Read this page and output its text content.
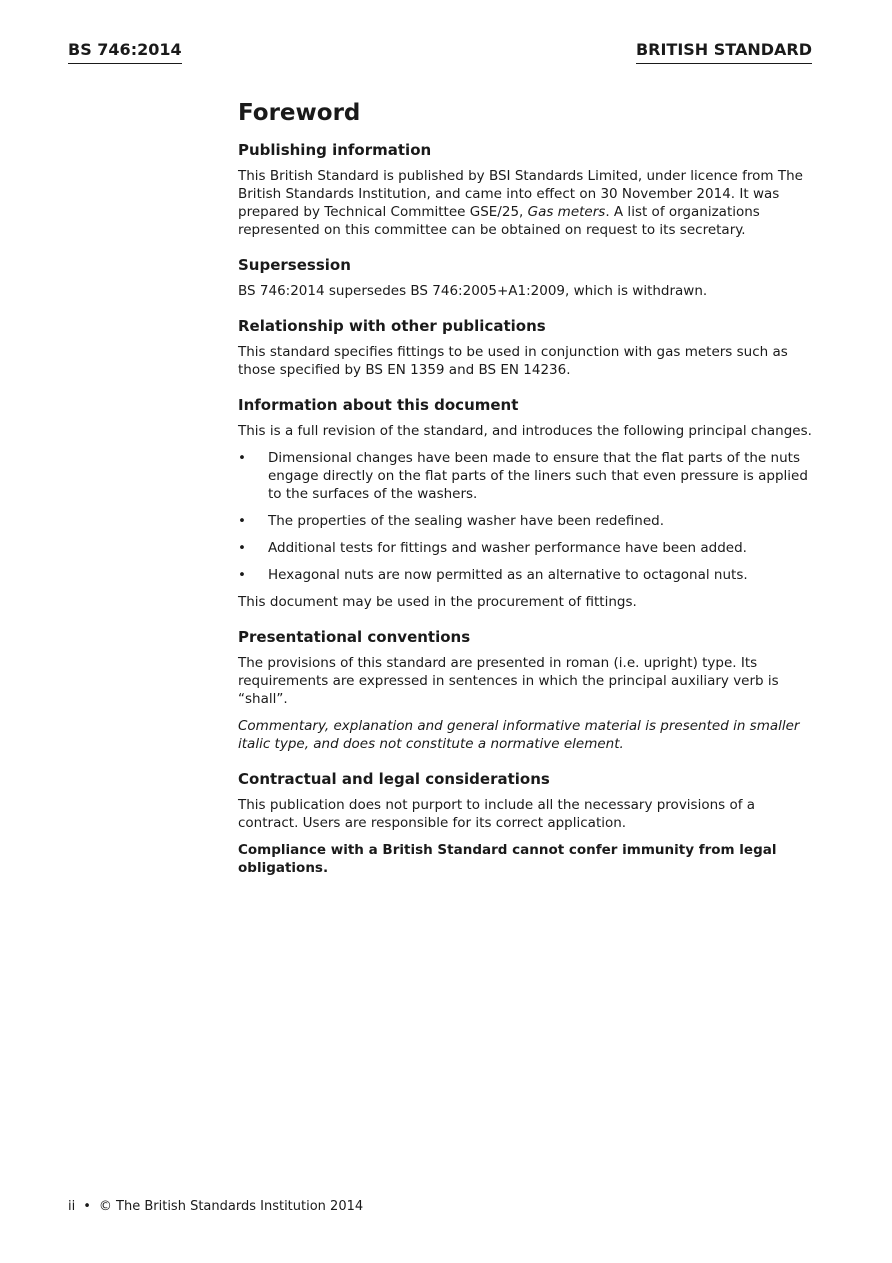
BS 746:2014	BRITISH STANDARD
Foreword
Publishing information

This British Standard is published by BSI Standards Limited, under licence from The British Standards Institution, and came into effect on 30 November 2014. It was prepared by Technical Committee GSE/25, Gas meters. A list of organizations represented on this committee can be obtained on request to its secretary.

Supersession

BS 746:2014 supersedes BS 746:2005+A1:2009, which is withdrawn.

Relationship with other publications

This standard specifies fittings to be used in conjunction with gas meters such as those specified by BS EN 1359 and BS EN 14236.

Information about this document

This is a full revision of the standard, and introduces the following principal changes.

• Dimensional changes have been made to ensure that the flat parts of the nuts engage directly on the flat parts of the liners such that even pressure is applied to the surfaces of the washers.
• The properties of the sealing washer have been redefined.
• Additional tests for fittings and washer performance have been added.
• Hexagonal nuts are now permitted as an alternative to octagonal nuts.

This document may be used in the procurement of fittings.

Presentational conventions

The provisions of this standard are presented in roman (i.e. upright) type. Its requirements are expressed in sentences in which the principal auxiliary verb is “shall”.

Commentary, explanation and general informative material is presented in smaller italic type, and does not constitute a normative element.

Contractual and legal considerations

This publication does not purport to include all the necessary provisions of a contract. Users are responsible for its correct application.

Compliance with a British Standard cannot confer immunity from legal obligations.

ii • © The British Standards Institution 2014
